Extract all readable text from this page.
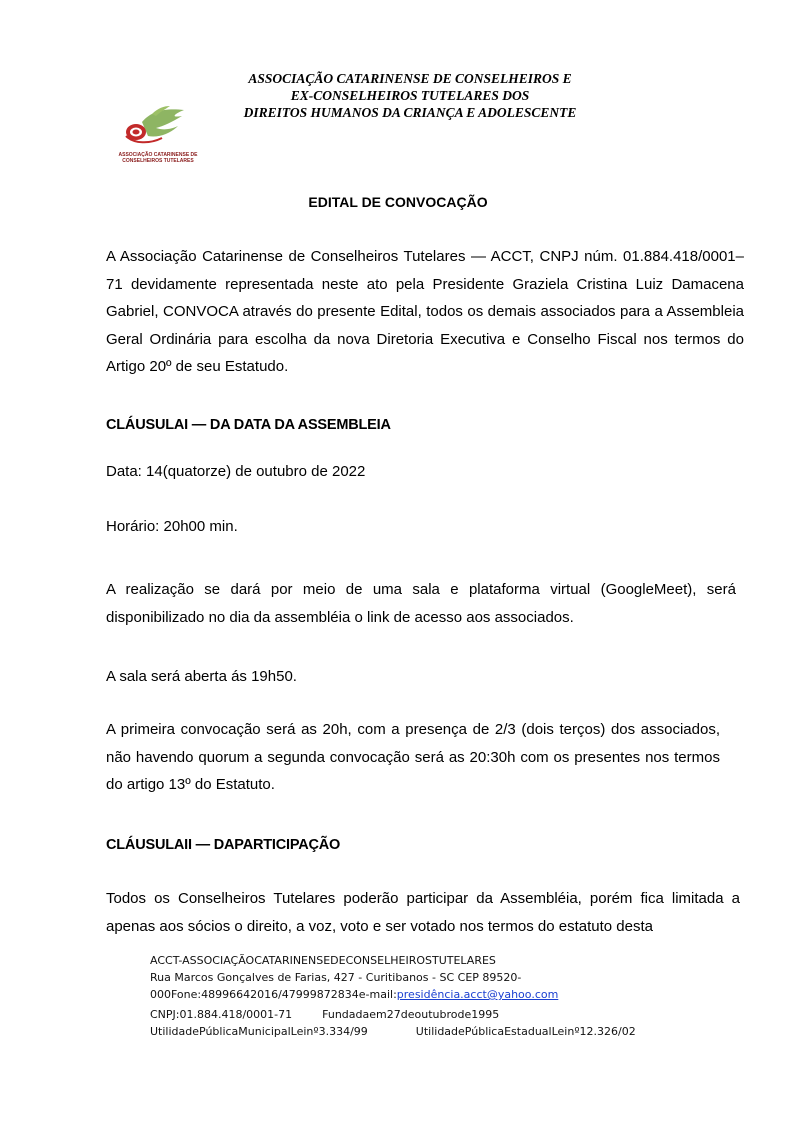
ASSOCIAÇÃO CATARINENSE DE CONSELHEIROS E
EX-CONSELHEIROS TUTELARES DOS
DIREITOS HUMANOS DA CRIANÇA E ADOLESCENTE
ASSOCIAÇÃO CATARINENSE DE
CONSELHEIROS TUTELARES
EDITAL DE CONVOCAÇÃO

A Associação Catarinense de Conselheiros Tutelares — ACCT, CNPJ núm. 01.884.418/0001– 71 devidamente representada neste ato pela Presidente Graziela Cristina Luiz Damacena Gabriel, CONVOCA através do presente Edital, todos os demais associados para a Assembleia Geral Ordinária para escolha da nova Diretoria Executiva e Conselho Fiscal nos termos do Artigo 20º de seu Estatudo.

CLÁUSULAI — DA DATA DA ASSEMBLEIA
Data: 14(quatorze) de outubro de 2022
Horário: 20h00 min.

A realização se dará por meio de uma sala e plataforma virtual (GoogleMeet), será disponibilizado no dia da assembléia o link de acesso aos associados.

A sala será aberta ás 19h50.

A primeira convocação será as 20h, com a presença de 2/3 (dois terços) dos associados, não havendo quorum a segunda convocação será as 20:30h com os presentes nos termos do artigo 13º do Estatuto.

CLÁUSULAII — DAPARTICIPAÇÃO

Todos os Conselheiros Tutelares poderão participar da Assembléia, porém fica limitada a apenas aos sócios o direito, a voz, voto e ser votado nos termos do estatuto desta

ACCT-ASSOCIAÇÃOCATARINENSEDECONSELHEIROSTUTELARES
Rua Marcos Gonçalves de Farias, 427 - Curitibanos - SC CEP 89520-
000Fone:48996642016/47999872834e-mail:presidência.acct@yahoo.com
CNPJ:01.884.418/0001-71	Fundadaem27deoutubrode1995
UtilidadePúblicaMunicipalLeinº3.334/99	UtilidadePúblicaEstadualLeinº12.326/02
